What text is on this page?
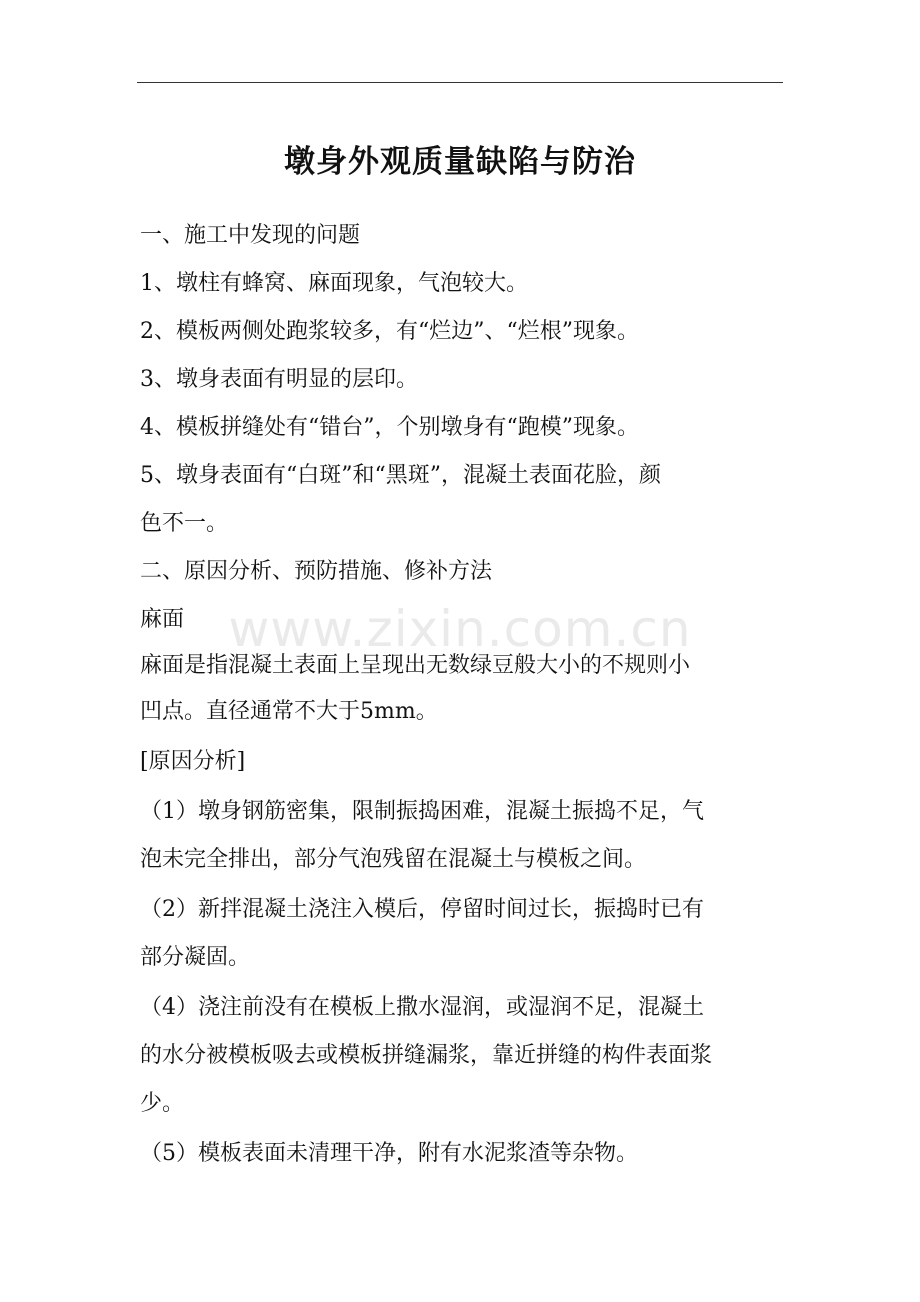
墩身外观质量缺陷与防治
一、施工中发现的问题
1、墩柱有蜂窝、麻面现象，气泡较大。
2、模板两侧处跑浆较多，有“烂边”、“烂根”现象。
3、墩身表面有明显的层印。
4、模板拼缝处有“错台”，个别墩身有“跑模”现象。
5、墩身表面有“白斑”和“黑斑”，混凝土表面花脸，颜
色不一。
二、原因分析、预防措施、修补方法
麻面
麻面是指混凝土表面上呈现出无数绿豆般大小的不规则小
凹点。直径通常不大于5mm。
[原因分析]
（1）墩身钢筋密集，限制振捣困难，混凝土振捣不足，气
泡未完全排出，部分气泡残留在混凝土与模板之间。
（2）新拌混凝土浇注入模后，停留时间过长，振捣时已有
部分凝固。
（4）浇注前没有在模板上撒水湿润，或湿润不足，混凝土
的水分被模板吸去或模板拼缝漏浆，靠近拼缝的构件表面浆
少。
（5）模板表面未清理干净，附有水泥浆渣等杂物。
www.zixin.com.cn
